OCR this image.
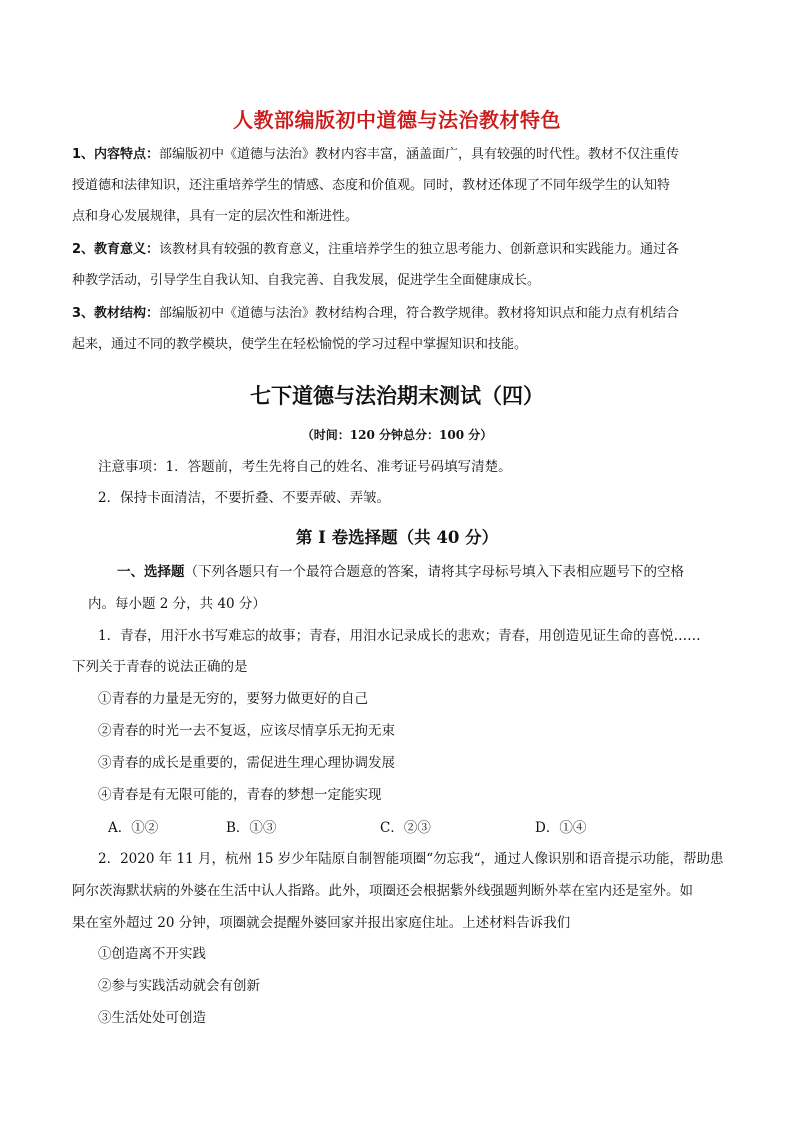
人教部编版初中道德与法治教材特色
1、内容特点：部编版初中《道德与法治》教材内容丰富，涵盖面广，具有较强的时代性。教材不仅注重传
授道德和法律知识，还注重培养学生的情感、态度和价值观。同时，教材还体现了不同年级学生的认知特
点和身心发展规律，具有一定的层次性和渐进性。
2、教育意义：该教材具有较强的教育意义，注重培养学生的独立思考能力、创新意识和实践能力。通过各
种教学活动，引导学生自我认知、自我完善、自我发展，促进学生全面健康成长。
3、教材结构：部编版初中《道德与法治》教材结构合理，符合教学规律。教材将知识点和能力点有机结合
起来，通过不同的教学模块，使学生在轻松愉悦的学习过程中掌握知识和技能。
七下道德与法治期末测试（四）
（时间：120 分钟总分：100 分）
注意事项：1．答题前，考生先将自己的姓名、准考证号码填写清楚。
2．保持卡面清洁，不要折叠、不要弄破、弄皱。
第 I 卷选择题（共 40 分）
一、选择题（下列各题只有一个最符合题意的答案，请将其字母标号填入下表相应题号下的空格
内。每小题 2 分，共 40 分）
1．青春，用汗水书写难忘的故事；青春，用泪水记录成长的悲欢；青春，用创造见证生命的喜悦……
下列关于青春的说法正确的是
①青春的力量是无穷的，要努力做更好的自己
②青春的时光一去不复返，应该尽情享乐无拘无束
③青春的成长是重要的，需促进生理心理协调发展
④青春是有无限可能的，青春的梦想一定能实现
A．①②	B．①③	C．②③	D．①④
2．2020 年 11 月，杭州 15 岁少年陆原自制智能项圈“勿忘我“，通过人像识别和语音提示功能，帮助患
阿尔茨海默状病的外婆在生活中认人指路。此外，项圈还会根据紫外线强题判断外萃在室内还是室外。如
果在室外超过 20 分钟，项圈就会提醒外婆回家并报出家庭住址。上述材料告诉我们
①创造离不开实践
②参与实践活动就会有创新
③生活处处可创造
